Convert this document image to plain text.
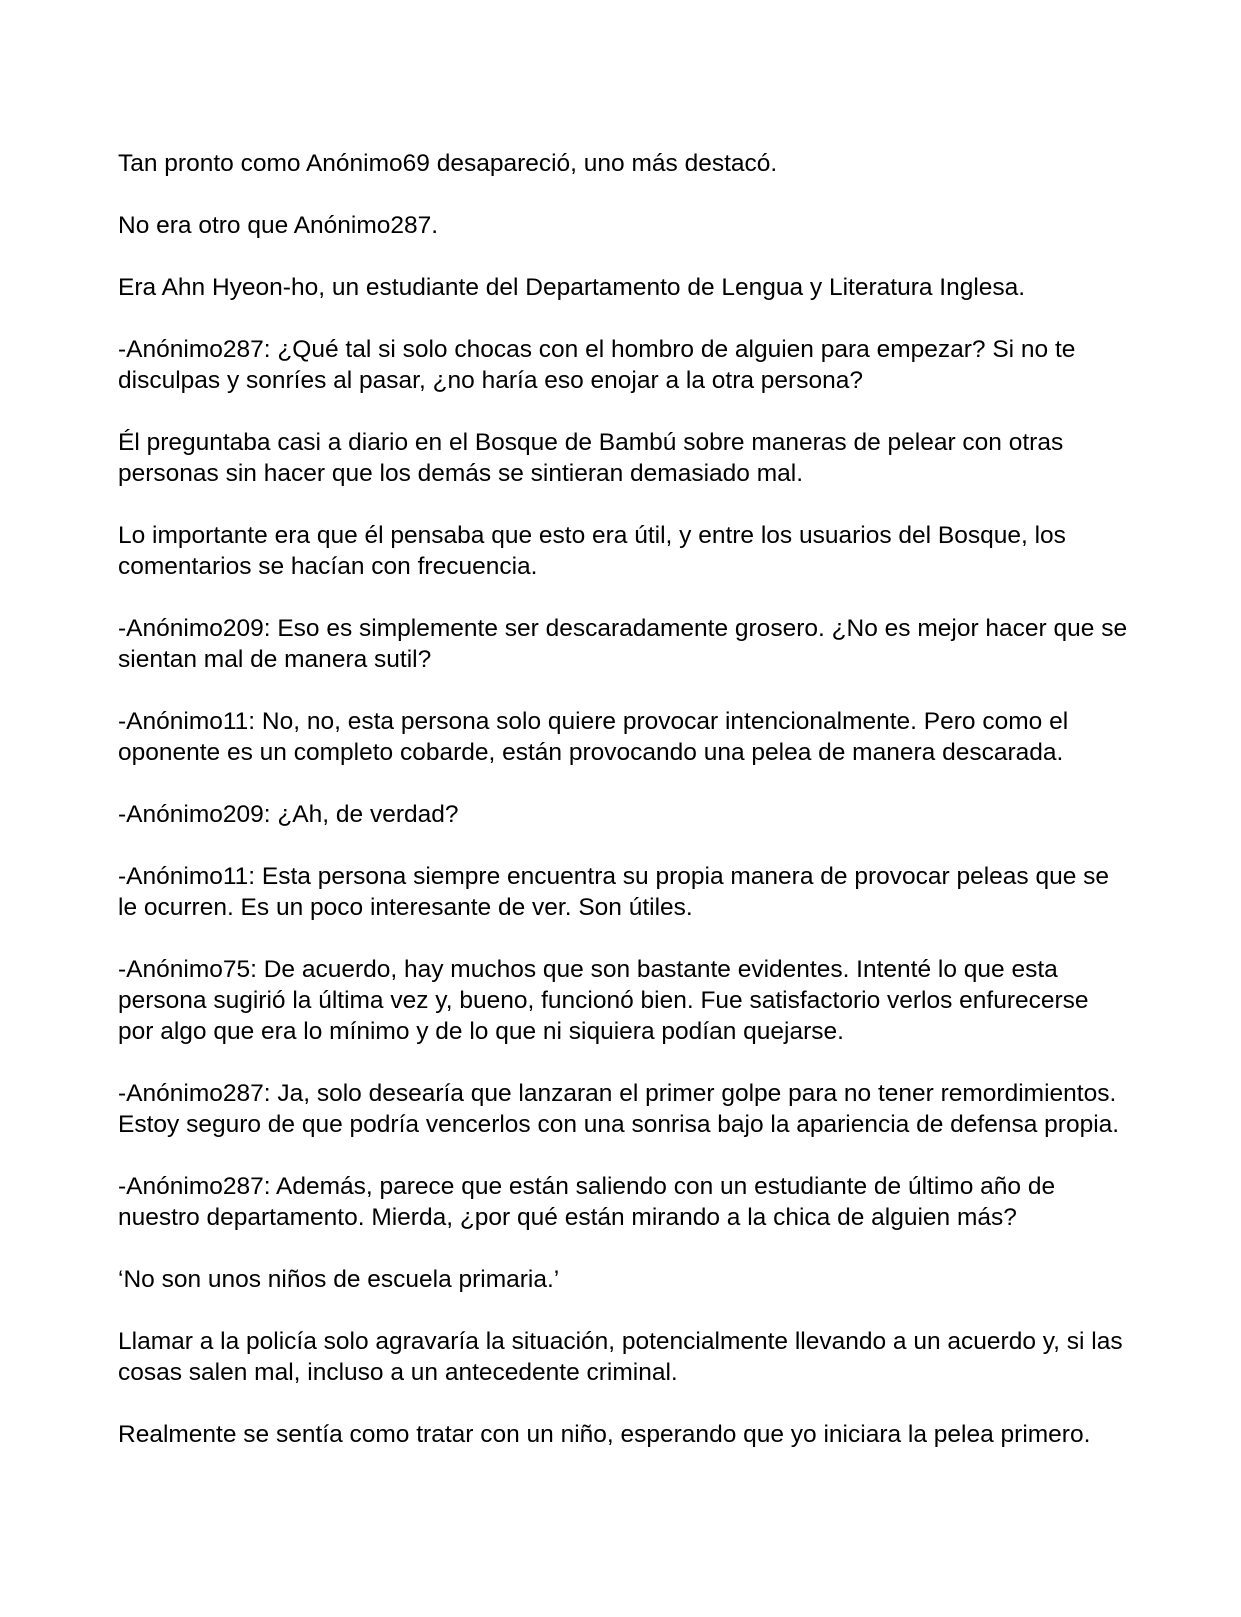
Tan pronto como Anónimo69 desapareció, uno más destacó.

No era otro que Anónimo287.

Era Ahn Hyeon-ho, un estudiante del Departamento de Lengua y Literatura Inglesa.

-Anónimo287: ¿Qué tal si solo chocas con el hombro de alguien para empezar? Si no te disculpas y sonríes al pasar, ¿no haría eso enojar a la otra persona?

Él preguntaba casi a diario en el Bosque de Bambú sobre maneras de pelear con otras personas sin hacer que los demás se sintieran demasiado mal.

Lo importante era que él pensaba que esto era útil, y entre los usuarios del Bosque, los comentarios se hacían con frecuencia.

-Anónimo209: Eso es simplemente ser descaradamente grosero. ¿No es mejor hacer que se sientan mal de manera sutil?

-Anónimo11: No, no, esta persona solo quiere provocar intencionalmente. Pero como el oponente es un completo cobarde, están provocando una pelea de manera descarada.

-Anónimo209: ¿Ah, de verdad?

-Anónimo11: Esta persona siempre encuentra su propia manera de provocar peleas que se le ocurren. Es un poco interesante de ver. Son útiles.

-Anónimo75: De acuerdo, hay muchos que son bastante evidentes. Intenté lo que esta persona sugirió la última vez y, bueno, funcionó bien. Fue satisfactorio verlos enfurecerse por algo que era lo mínimo y de lo que ni siquiera podían quejarse.

-Anónimo287: Ja, solo desearía que lanzaran el primer golpe para no tener remordimientos. Estoy seguro de que podría vencerlos con una sonrisa bajo la apariencia de defensa propia.

-Anónimo287: Además, parece que están saliendo con un estudiante de último año de nuestro departamento. Mierda, ¿por qué están mirando a la chica de alguien más?

‘No son unos niños de escuela primaria.’

Llamar a la policía solo agravaría la situación, potencialmente llevando a un acuerdo y, si las cosas salen mal, incluso a un antecedente criminal.

Realmente se sentía como tratar con un niño, esperando que yo iniciara la pelea primero.
